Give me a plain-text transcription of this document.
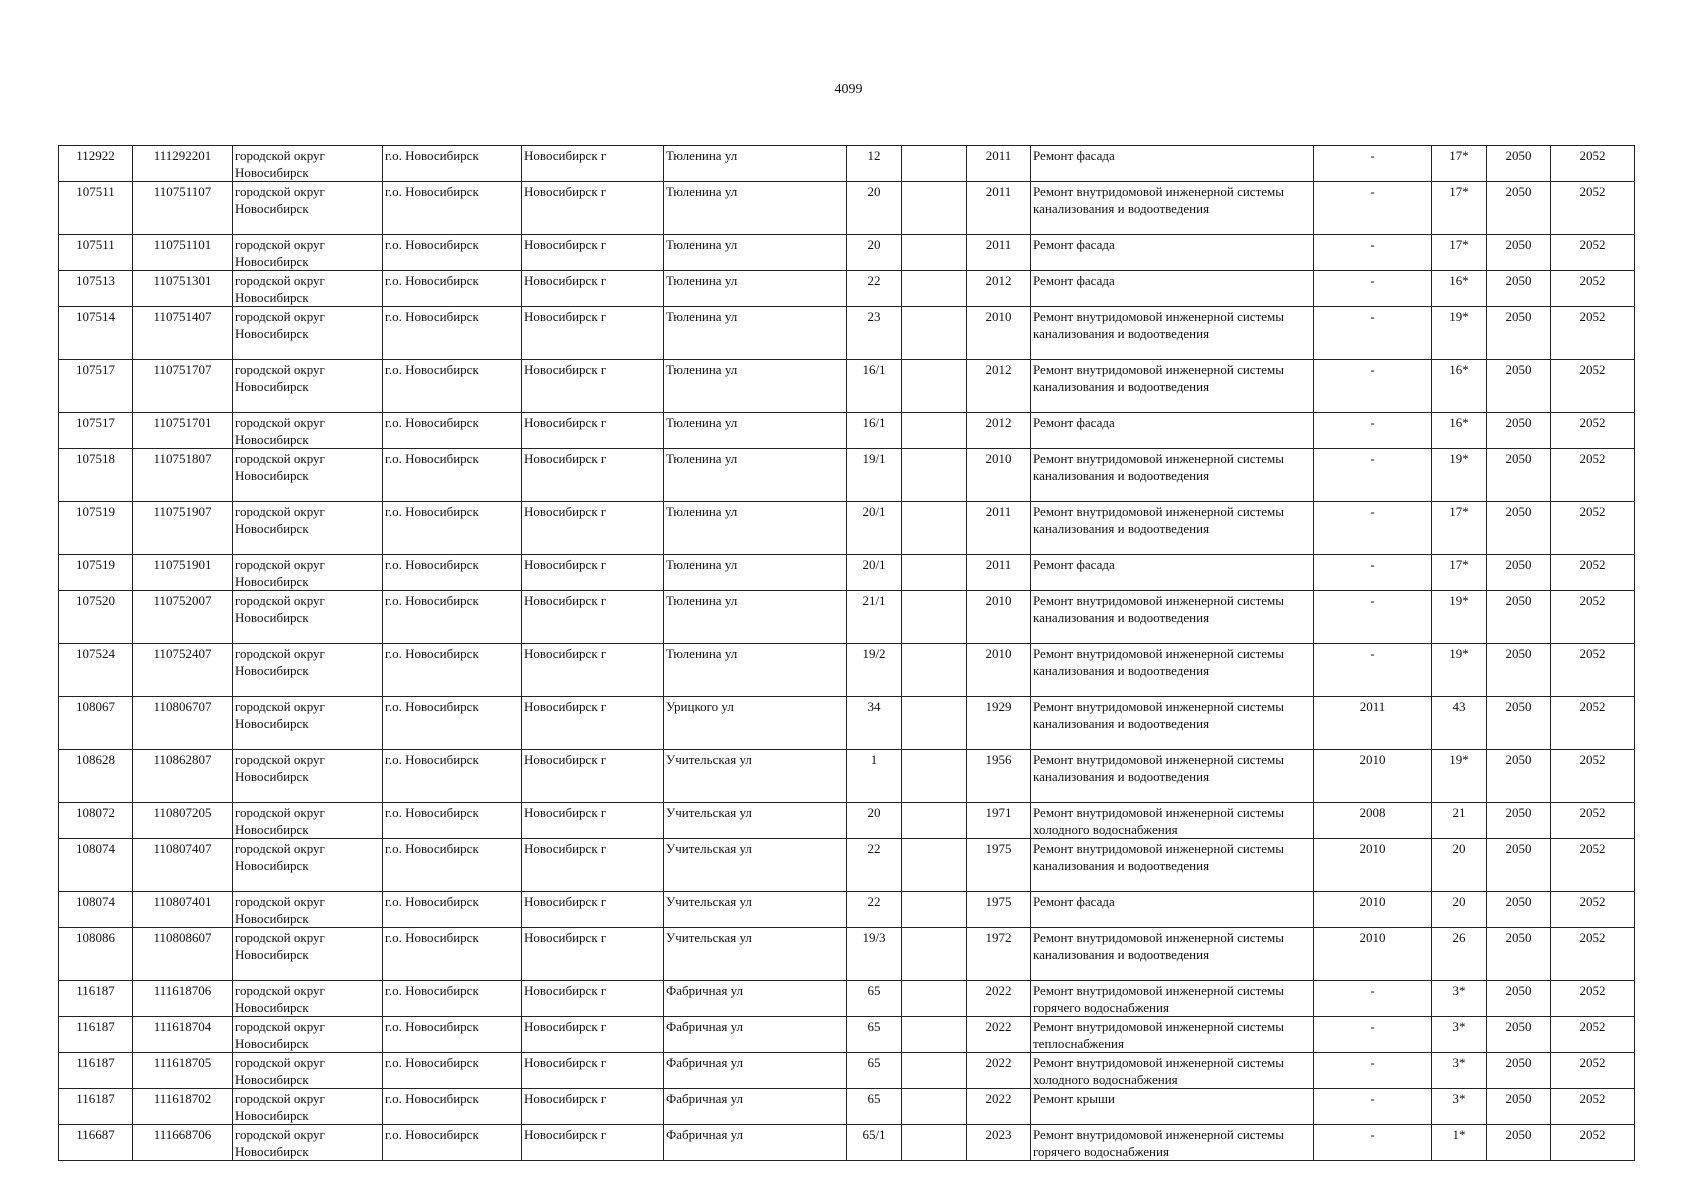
4099
112922	111292201	городской округ Новосибирск	г.о. Новосибирск	Новосибирск г	Тюленина ул	12		2011	Ремонт фасада	-	17*	2050	2052
107511	110751107	городской округ Новосибирск	г.о. Новосибирск	Новосибирск г	Тюленина ул	20		2011	Ремонт внутридомовой инженерной системы канализования и водоотведения	-	17*	2050	2052
107511	110751101	городской округ Новосибирск	г.о. Новосибирск	Новосибирск г	Тюленина ул	20		2011	Ремонт фасада	-	17*	2050	2052
107513	110751301	городской округ Новосибирск	г.о. Новосибирск	Новосибирск г	Тюленина ул	22		2012	Ремонт фасада	-	16*	2050	2052
107514	110751407	городской округ Новосибирск	г.о. Новосибирск	Новосибирск г	Тюленина ул	23		2010	Ремонт внутридомовой инженерной системы канализования и водоотведения	-	19*	2050	2052
107517	110751707	городской округ Новосибирск	г.о. Новосибирск	Новосибирск г	Тюленина ул	16/1		2012	Ремонт внутридомовой инженерной системы канализования и водоотведения	-	16*	2050	2052
107517	110751701	городской округ Новосибирск	г.о. Новосибирск	Новосибирск г	Тюленина ул	16/1		2012	Ремонт фасада	-	16*	2050	2052
107518	110751807	городской округ Новосибирск	г.о. Новосибирск	Новосибирск г	Тюленина ул	19/1		2010	Ремонт внутридомовой инженерной системы канализования и водоотведения	-	19*	2050	2052
107519	110751907	городской округ Новосибирск	г.о. Новосибирск	Новосибирск г	Тюленина ул	20/1		2011	Ремонт внутридомовой инженерной системы канализования и водоотведения	-	17*	2050	2052
107519	110751901	городской округ Новосибирск	г.о. Новосибирск	Новосибирск г	Тюленина ул	20/1		2011	Ремонт фасада	-	17*	2050	2052
107520	110752007	городской округ Новосибирск	г.о. Новосибирск	Новосибирск г	Тюленина ул	21/1		2010	Ремонт внутридомовой инженерной системы канализования и водоотведения	-	19*	2050	2052
107524	110752407	городской округ Новосибирск	г.о. Новосибирск	Новосибирск г	Тюленина ул	19/2		2010	Ремонт внутридомовой инженерной системы канализования и водоотведения	-	19*	2050	2052
108067	110806707	городской округ Новосибирск	г.о. Новосибирск	Новосибирск г	Урицкого ул	34		1929	Ремонт внутридомовой инженерной системы канализования и водоотведения	2011	43	2050	2052
108628	110862807	городской округ Новосибирск	г.о. Новосибирск	Новосибирск г	Учительская ул	1		1956	Ремонт внутридомовой инженерной системы канализования и водоотведения	2010	19*	2050	2052
108072	110807205	городской округ Новосибирск	г.о. Новосибирск	Новосибирск г	Учительская ул	20		1971	Ремонт внутридомовой инженерной системы холодного водоснабжения	2008	21	2050	2052
108074	110807407	городской округ Новосибирск	г.о. Новосибирск	Новосибирск г	Учительская ул	22		1975	Ремонт внутридомовой инженерной системы канализования и водоотведения	2010	20	2050	2052
108074	110807401	городской округ Новосибирск	г.о. Новосибирск	Новосибирск г	Учительская ул	22		1975	Ремонт фасада	2010	20	2050	2052
108086	110808607	городской округ Новосибирск	г.о. Новосибирск	Новосибирск г	Учительская ул	19/3		1972	Ремонт внутридомовой инженерной системы канализования и водоотведения	2010	26	2050	2052
116187	111618706	городской округ Новосибирск	г.о. Новосибирск	Новосибирск г	Фабричная ул	65		2022	Ремонт внутридомовой инженерной системы горячего водоснабжения	-	3*	2050	2052
116187	111618704	городской округ Новосибирск	г.о. Новосибирск	Новосибирск г	Фабричная ул	65		2022	Ремонт внутридомовой инженерной системы теплоснабжения	-	3*	2050	2052
116187	111618705	городской округ Новосибирск	г.о. Новосибирск	Новосибирск г	Фабричная ул	65		2022	Ремонт внутридомовой инженерной системы холодного водоснабжения	-	3*	2050	2052
116187	111618702	городской округ Новосибирск	г.о. Новосибирск	Новосибирск г	Фабричная ул	65		2022	Ремонт крыши	-	3*	2050	2052
116687	111668706	городской округ Новосибирск	г.о. Новосибирск	Новосибирск г	Фабричная ул	65/1		2023	Ремонт внутридомовой инженерной системы горячего водоснабжения	-	1*	2050	2052
